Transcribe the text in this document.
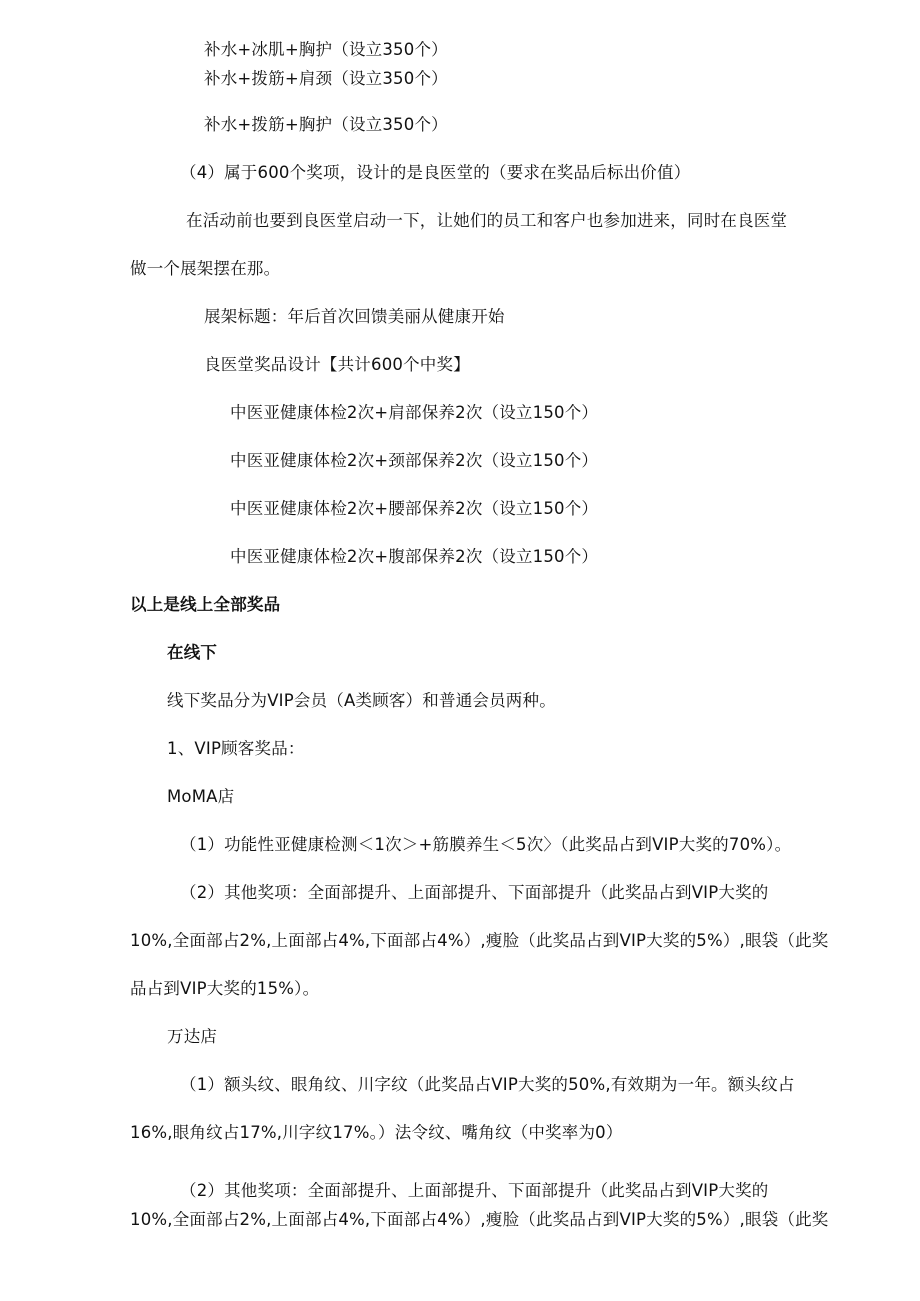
补水+冰肌+胸护（设立350个）

补水+拨筋+肩颈（设立350个）

补水+拨筋+胸护（设立350个）

（4）属于600个奖项，设计的是良医堂的（要求在奖品后标出价值）

在活动前也要到良医堂启动一下，让她们的员工和客户也参加进来，同时在良医堂

做一个展架摆在那。

展架标题：年后首次回馈美丽从健康开始

良医堂奖品设计【共计600个中奖】

中医亚健康体检2次+肩部保养2次（设立150个）

中医亚健康体检2次+颈部保养2次（设立150个）

中医亚健康体检2次+腰部保养2次（设立150个）

中医亚健康体检2次+腹部保养2次（设立150个）

以上是线上全部奖品

在线下

线下奖品分为VIP会员（A类顾客）和普通会员两种。

1、VIP顾客奖品：

MoMA店

（1）功能性亚健康检测＜1次＞+筋膜养生＜5次〉（此奖品占到VIP大奖的70%）。

（2）其他奖项：全面部提升、上面部提升、下面部提升（此奖品占到VIP大奖的

10%,全面部占2%,上面部占4%,下面部占4%）,瘦脸（此奖品占到VIP大奖的5%）,眼袋（此奖

品占到VIP大奖的15%）。

万达店

（1）额头纹、眼角纹、川字纹（此奖品占VIP大奖的50%,有效期为一年。额头纹占

16%,眼角纹占17%,川字纹17%。）法令纹、嘴角纹（中奖率为0）

（2）其他奖项：全面部提升、上面部提升、下面部提升（此奖品占到VIP大奖的

10%,全面部占2%,上面部占4%,下面部占4%）,瘦脸（此奖品占到VIP大奖的5%）,眼袋（此奖
